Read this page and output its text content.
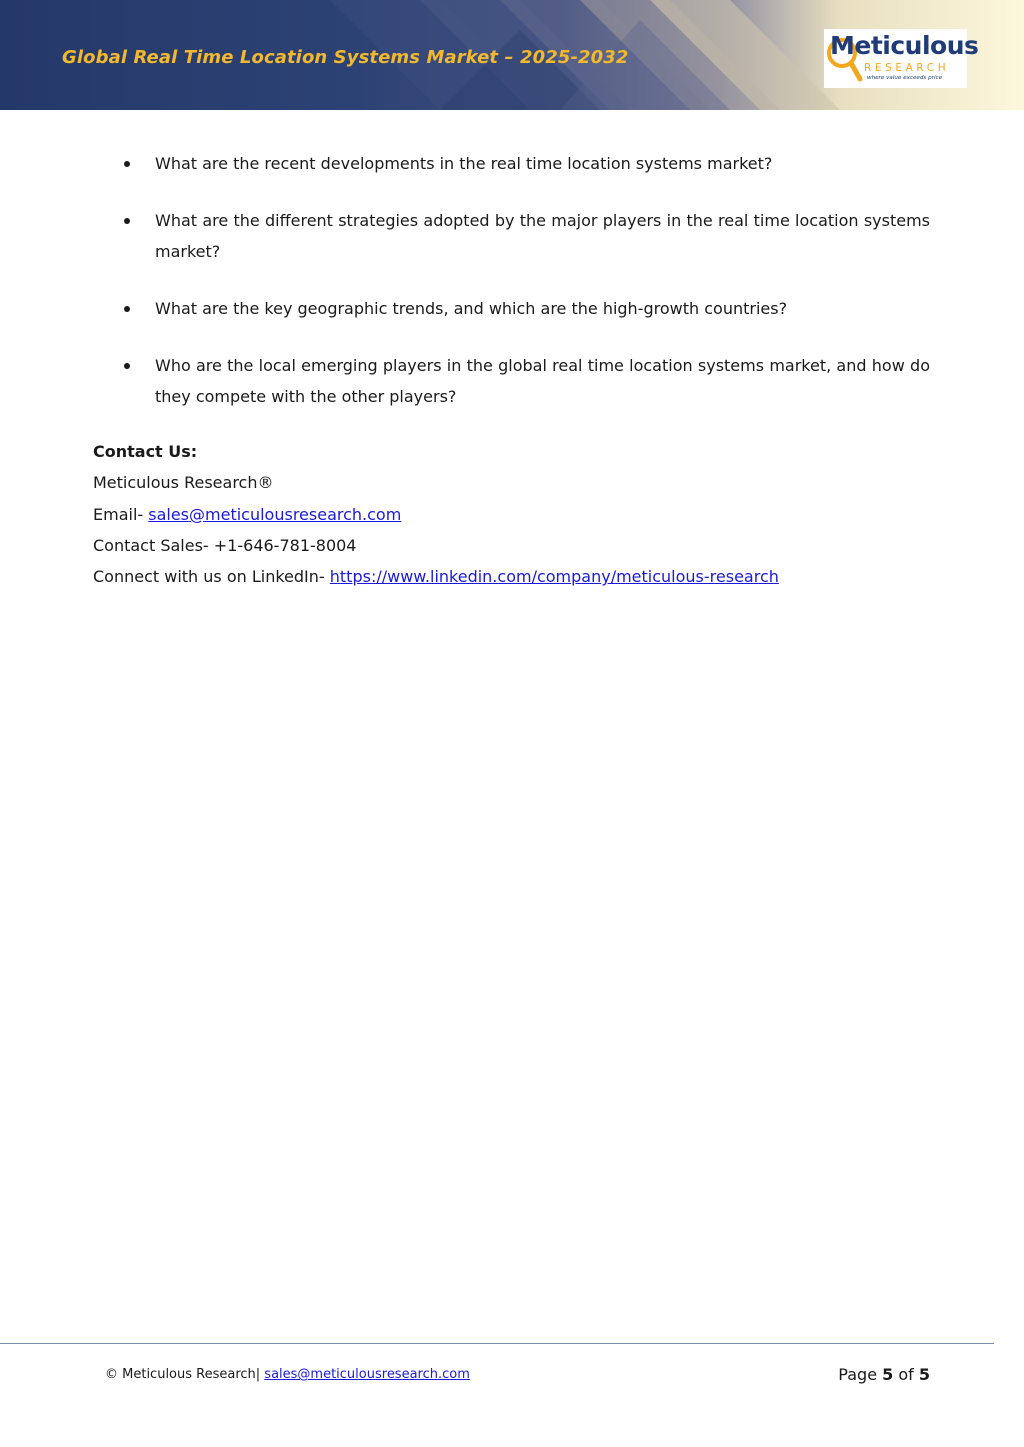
Global Real Time Location Systems Market – 2025-2032	Meticulous
RESEARCH
where value exceeds price
What are the recent developments in the real time location systems market?
What are the different strategies adopted by the major players in the real time location systems market?
What are the key geographic trends, and which are the high-growth countries?
Who are the local emerging players in the global real time location systems market, and how do they compete with the other players?
Contact Us:
Meticulous Research®
Email- sales@meticulousresearch.com
Contact Sales- +1-646-781-8004
Connect with us on LinkedIn- https://www.linkedin.com/company/meticulous-research
© Meticulous Research| sales@meticulousresearch.com	Page 5 of 5
